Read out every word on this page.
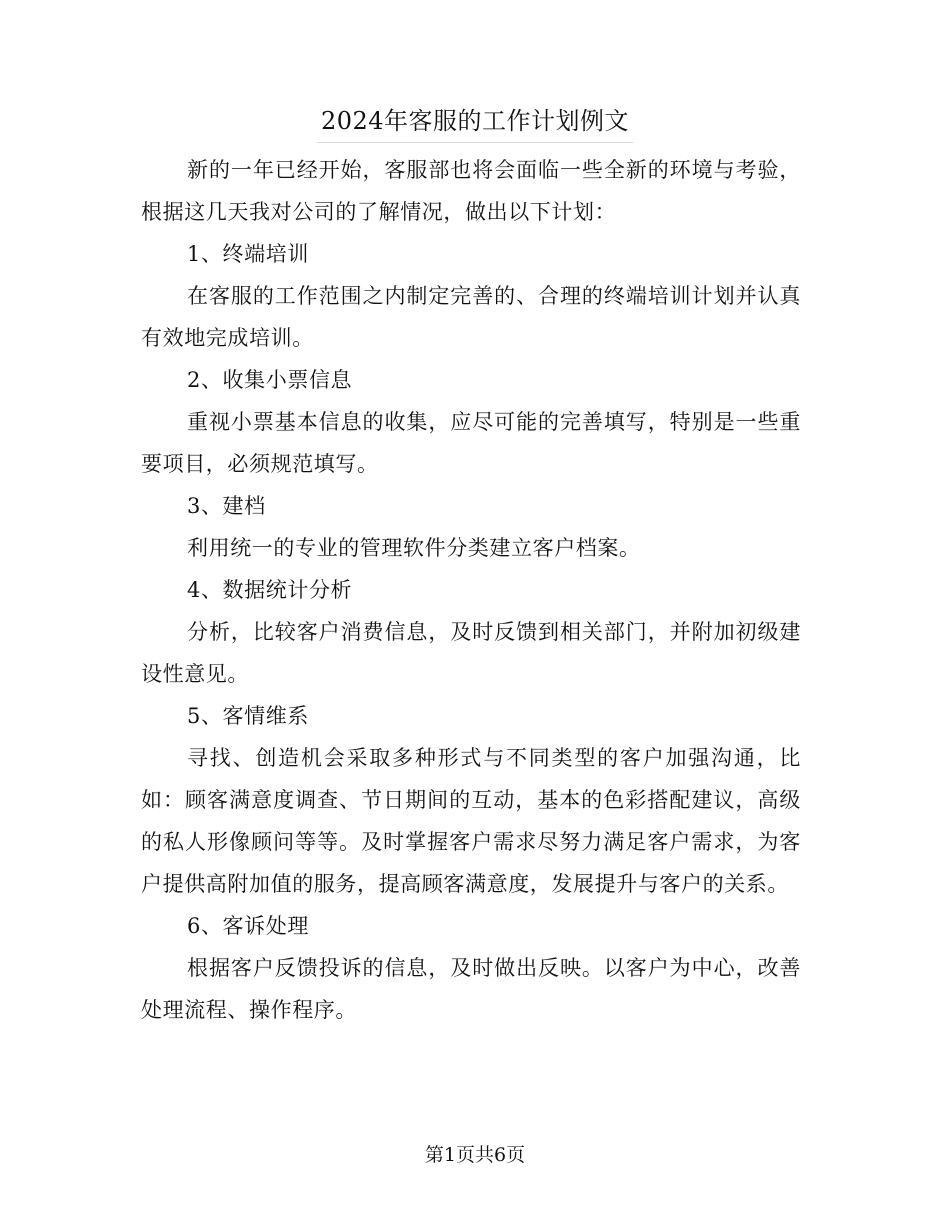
2024年客服的工作计划例文

新的一年已经开始，客服部也将会面临一些全新的环境与考验，根据这几天我对公司的了解情况，做出以下计划：

1、终端培训

在客服的工作范围之内制定完善的、合理的终端培训计划并认真有效地完成培训。

2、收集小票信息

重视小票基本信息的收集，应尽可能的完善填写，特别是一些重要项目，必须规范填写。

3、建档

利用统一的专业的管理软件分类建立客户档案。

4、数据统计分析

分析，比较客户消费信息，及时反馈到相关部门，并附加初级建设性意见。

5、客情维系

寻找、创造机会采取多种形式与不同类型的客户加强沟通，比如：顾客满意度调查、节日期间的互动，基本的色彩搭配建议，高级的私人形像顾问等等。及时掌握客户需求尽努力满足客户需求，为客户提供高附加值的服务，提高顾客满意度，发展提升与客户的关系。

6、客诉处理

根据客户反馈投诉的信息，及时做出反映。以客户为中心，改善处理流程、操作程序。

第1页共6页
